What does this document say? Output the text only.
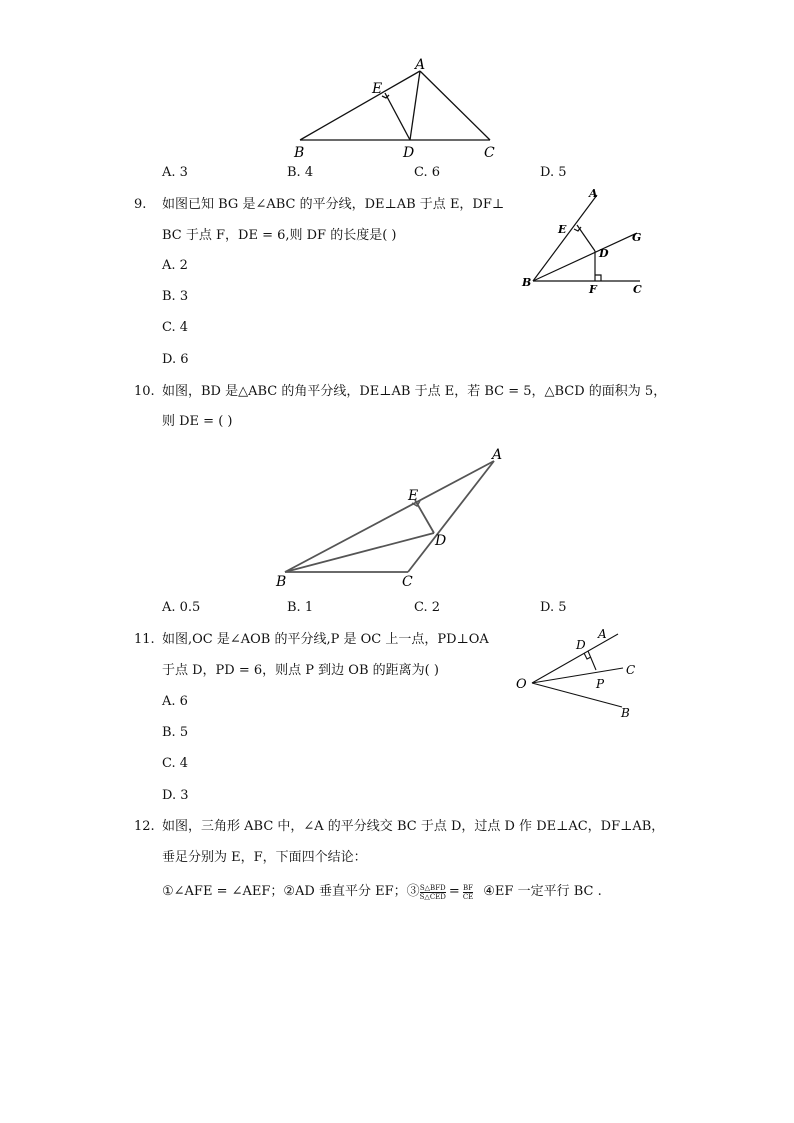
A
E
B	D	C
A. 3	B. 4	C. 6	D. 5
9. 如图已知 BG 是∠ABC 的平分线，DE⊥AB 于点 E，DF⊥
BC 于点 F，DE = 6,则 DF 的长度是( )
A. 2
B. 3
C. 4
D. 6
A
E
G
D
B
F	C
10. 如图，BD 是△ABC 的角平分线，DE⊥AB 于点 E，若 BC = 5，△BCD 的面积为 5，
则 DE = ( )
A
E
D
B	C
A. 0.5	B. 1	C. 2	D. 5
11. 如图,OC 是∠AOB 的平分线,P 是 OC 上一点，PD⊥OA
于点 D，PD = 6，则点 P 到边 OB 的距离为( )
A. 6
B. 5
C. 4
D. 3
D
A
C
P
O
B
12. 如图，三角形 ABC 中，∠A 的平分线交 BC 于点 D，过点 D 作 DE⊥AC，DF⊥AB，
垂足分别为 E，F，下面四个结论：
①∠AFE = ∠AEF；②AD 垂直平分 EF；③ $\frac{\text{S△BFD}}{\text{S△CED}} = \frac{BF}{CE}$ ④EF 一定平行 BC .
